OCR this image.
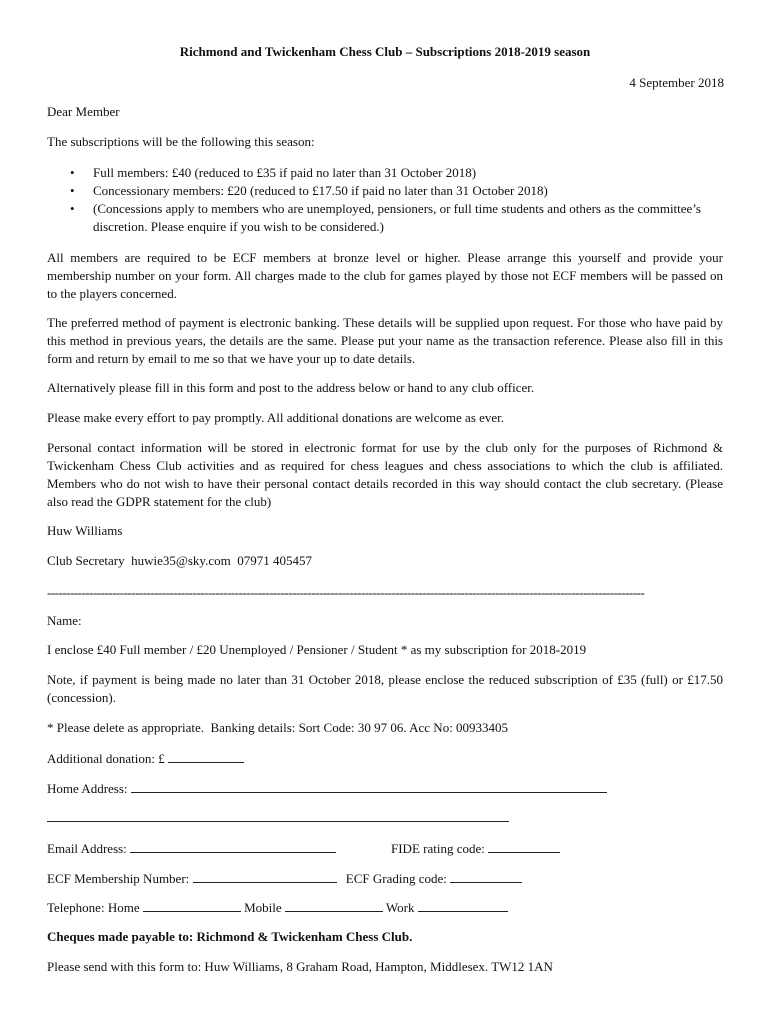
Richmond and Twickenham Chess Club – Subscriptions 2018-2019 season
4 September 2018
Dear Member
The subscriptions will be the following this season:
• Full members: £40 (reduced to £35 if paid no later than 31 October 2018)
• Concessionary members: £20 (reduced to £17.50 if paid no later than 31 October 2018)
• (Concessions apply to members who are unemployed, pensioners, or full time students and others as the committee’s discretion. Please enquire if you wish to be considered.)
All members are required to be ECF members at bronze level or higher. Please arrange this yourself and provide your membership number on your form. All charges made to the club for games played by those not ECF members will be passed on to the players concerned.
The preferred method of payment is electronic banking. These details will be supplied upon request. For those who have paid by this method in previous years, the details are the same. Please put your name as the transaction reference. Please also fill in this form and return by email to me so that we have your up to date details.
Alternatively please fill in this form and post to the address below or hand to any club officer.
Please make every effort to pay promptly. All additional donations are welcome as ever.
Personal contact information will be stored in electronic format for use by the club only for the purposes of Richmond & Twickenham Chess Club activities and as required for chess leagues and chess associations to which the club is affiliated. Members who do not wish to have their personal contact details recorded in this way should contact the club secretary. (Please also read the GDPR statement for the club)
Huw Williams
Club Secretary  huwie35@sky.com  07971 405457
------------------------------------------------------------------------------------------------------------------------------------------------------------
Name:
I enclose £40 Full member / £20 Unemployed / Pensioner / Student * as my subscription for 2018-2019
Note, if payment is being made no later than 31 October 2018, please enclose the reduced subscription of £35 (full) or £17.50 (concession).
* Please delete as appropriate.  Banking details: Sort Code: 30 97 06. Acc No: 00933405
Additional donation: £
Home Address:
Email Address:	FIDE rating code:
ECF Membership Number:	ECF Grading code:
Telephone: Home	Mobile	Work
Cheques made payable to: Richmond & Twickenham Chess Club.
Please send with this form to: Huw Williams, 8 Graham Road, Hampton, Middlesex. TW12 1AN
